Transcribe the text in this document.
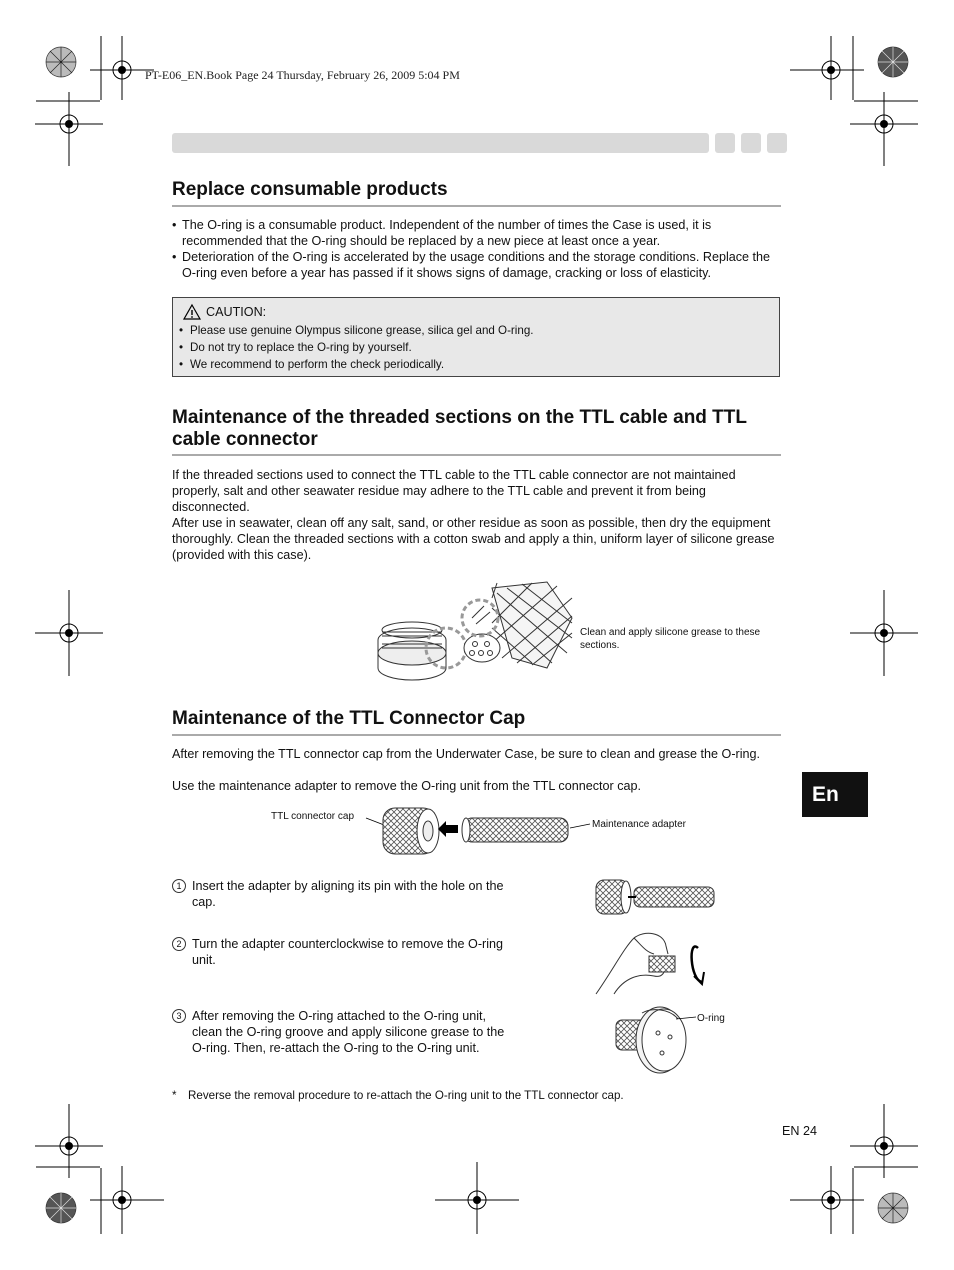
PT-E06_EN.Book Page 24 Thursday, February 26, 2009 5:04 PM
Replace consumable products
• The O-ring is a consumable product. Independent of the number of times the Case is used, it is recommended that the O-ring should be replaced by a new piece at least once a year.
• Deterioration of the O-ring is accelerated by the usage conditions and the storage conditions. Replace the O-ring even before a year has passed if it shows signs of damage, cracking or loss of elasticity.
CAUTION:
• Please use genuine Olympus silicone grease, silica gel and O-ring.
• Do not try to replace the O-ring by yourself.
• We recommend to perform the check periodically.
Maintenance of the threaded sections on the TTL cable and TTL
cable connector
If the threaded sections used to connect the TTL cable to the TTL cable connector are not maintained properly, salt and other seawater residue may adhere to the TTL cable and prevent it from being disconnected.
After use in seawater, clean off any salt, sand, or other residue as soon as possible, then dry the equipment thoroughly. Clean the threaded sections with a cotton swab and apply a thin, uniform layer of silicone grease (provided with this case).
Clean and apply silicone grease to these sections.
Maintenance of the TTL Connector Cap
After removing the TTL connector cap from the Underwater Case, be sure to clean and grease the O-ring.
Use the maintenance adapter to remove the O-ring unit from the TTL connector cap.	En
TTL connector cap
Maintenance adapter
1 Insert the adapter by aligning its pin with the hole on the cap.
2 Turn the adapter counterclockwise to remove the O-ring unit.
3 After removing the O-ring attached to the O-ring unit, clean the O-ring groove and apply silicone grease to the O-ring. Then, re-attach the O-ring to the O-ring unit.
O-ring
* Reverse the removal procedure to re-attach the O-ring unit to the TTL connector cap.
EN 24
